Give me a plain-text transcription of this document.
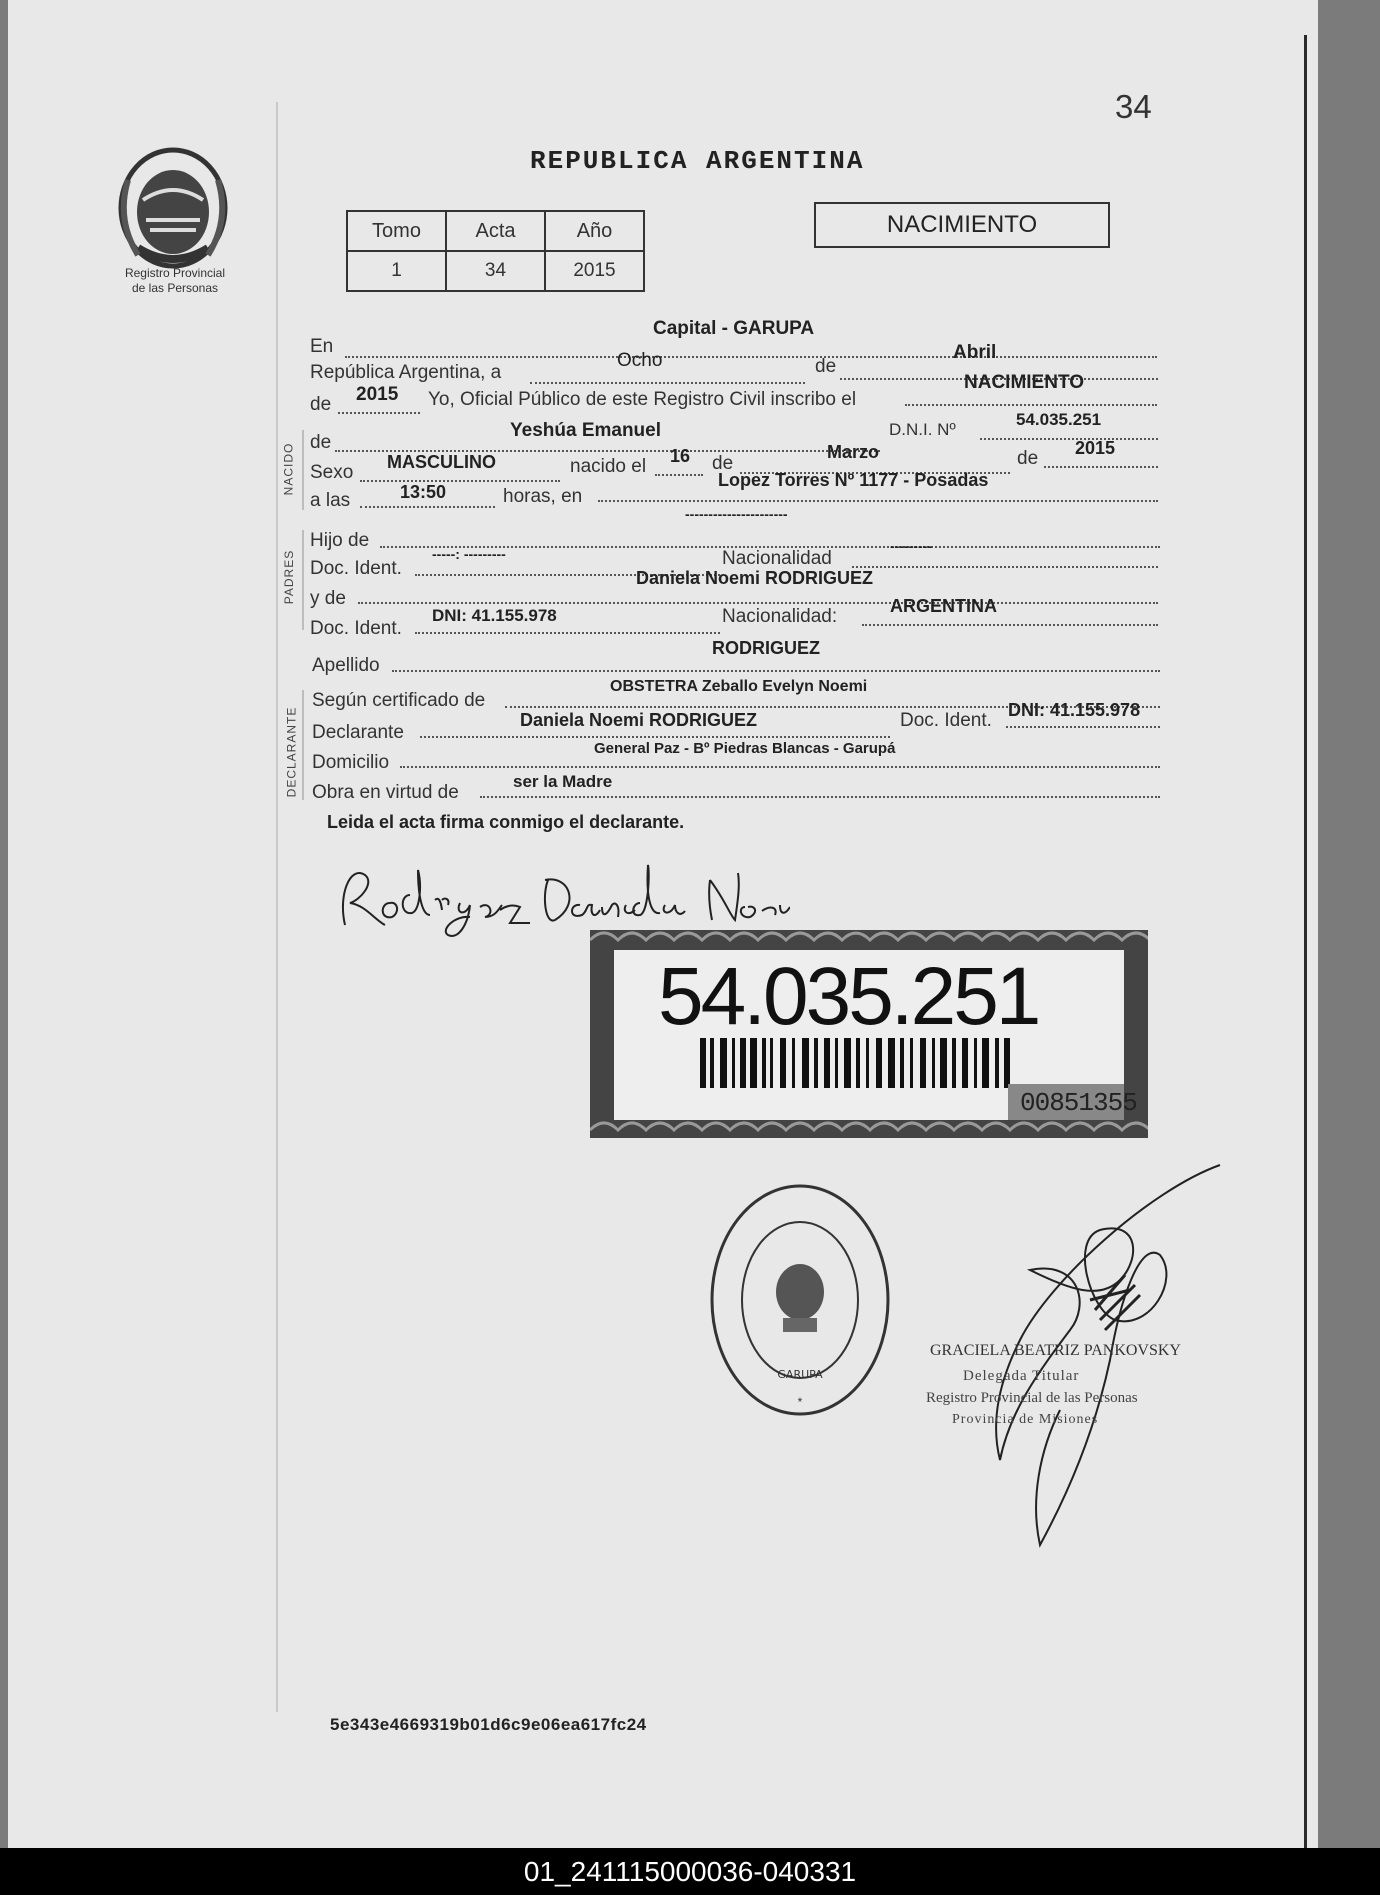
34
REPUBLICA ARGENTINA
Registro Provincial
de las Personas
Tomo	Acta	Año
1	34	2015
NACIMIENTO
NACIDO
PADRES
DECLARANTE
En
Capital - GARUPA
República Argentina, a
Ocho	de
Abril
de 2015 Yo, Oficial Público de este Registro Civil inscribo el
NACIMIENTO
de
Yeshúa Emanuel	D.N.I. Nº
54.035.251
Sexo MASCULINO	nacido el 16 de
Marzo	de 2015
a las	13:50	horas, en
Lopez Torres Nº 1177 - Posadas
Hijo de
----------------------
Doc. Ident.
-----: ---------	Nacionalidad
---------
y de
Daniela Noemi RODRIGUEZ
Doc. Ident.
DNI: 41.155.978	Nacionalidad:	ARGENTINA
Apellido
RODRIGUEZ
Según certificado de
OBSTETRA Zeballo Evelyn Noemi
Declarante
Daniela Noemi RODRIGUEZ	Doc. Ident. DNI: 41.155.978
Domicilio
General Paz - Bº Piedras Blancas - Garupá
Obra en virtud de
ser la Madre
Leida el acta firma conmigo el declarante.
54.035.251
00851355
GARUPA
*
GRACIELA BEATRIZ PANKOVSKY
Delegada Titular
Registro Provincial de las Personas
Provincia de Misiones
5e343e4669319b01d6c9e06ea617fc24
01_241115000036-040331
